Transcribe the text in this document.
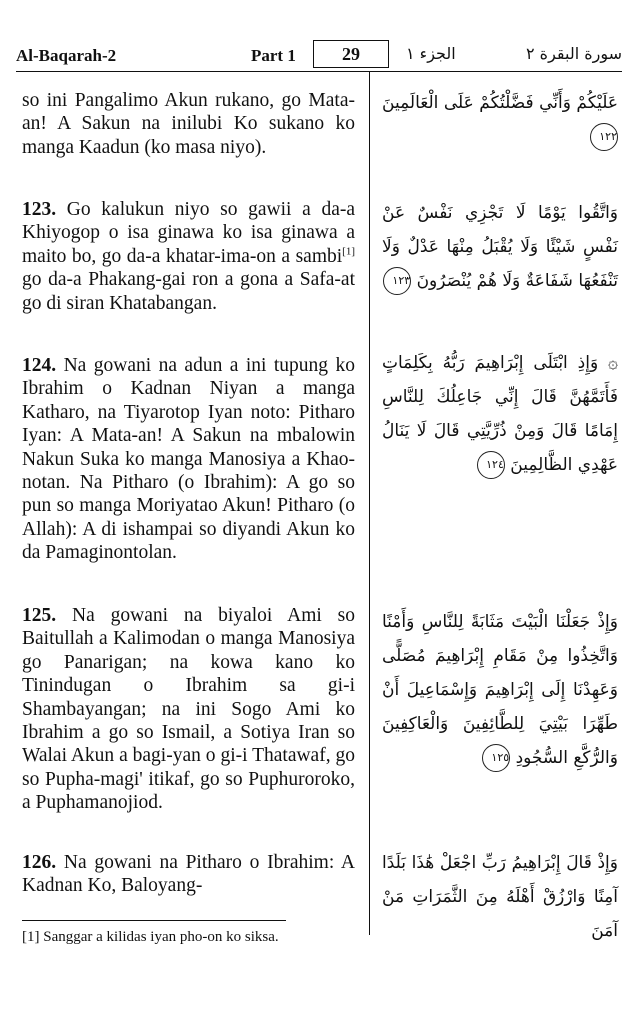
Al-Baqarah-2	Part 1	29	الجزء ١	سورة البقرة ٢
so ini Pangalimo Akun rukano, go Mata-an! A Sakun na inilubi Ko sukano ko manga Kaadun (ko masa niyo).
عَلَيْكُمْ وَأَنِّي فَضَّلْتُكُمْ عَلَى الْعَالَمِينَ ١٢٢
123. Go kalukun niyo so gawii a da-a Khiyogop o isa ginawa ko isa ginawa a maito bo, go da-a khatar-ima-on a sambi[1] go da-a Phakang-gai ron a gona a Safa-at go di siran Khatabangan.
وَاتَّقُوا يَوْمًا لَا تَجْزِي نَفْسٌ عَنْ نَفْسٍ شَيْئًا وَلَا يُقْبَلُ مِنْهَا عَدْلٌ وَلَا تَنْفَعُهَا شَفَاعَةٌ وَلَا هُمْ يُنْصَرُونَ ١٢٣
124. Na gowani na adun a ini tupung ko Ibrahim o Kadnan Niyan a manga Katharo, na Tiyarotop Iyan noto: Pitharo Iyan: A Mata-an! A Sakun na mbalowin Nakun Suka ko manga Manosiya a Khao-notan. Na Pitharo (o Ibrahim): A go so pun so manga Moriyatao Akun! Pitharo (o Allah): A di ishampai so diyandi Akun ko da Pamaginontolan.
۞ وَإِذِ ابْتَلَى إِبْرَاهِيمَ رَبُّهُ بِكَلِمَاتٍ فَأَتَمَّهُنَّ قَالَ إِنِّي جَاعِلُكَ لِلنَّاسِ إِمَامًا قَالَ وَمِنْ ذُرِّيَّتِي قَالَ لَا يَنَالُ عَهْدِي الظَّالِمِينَ ١٢٤
125. Na gowani na biyaloi Ami so Baitullah a Kalimodan o manga Manosiya go Panarigan; na kowa kano ko Tinindugan o Ibrahim sa gi-i Shambayangan; na ini Sogo Ami ko Ibrahim a go so Ismail, a Sotiya Iran so Walai Akun a bagi-yan o gi-i Thatawaf, go so Pupha-magi' itikaf, go so Puphuroroko, a Puphamanojiod.
وَإِذْ جَعَلْنَا الْبَيْتَ مَثَابَةً لِلنَّاسِ وَأَمْنًا وَاتَّخِذُوا مِنْ مَقَامِ إِبْرَاهِيمَ مُصَلًّى وَعَهِدْنَا إِلَى إِبْرَاهِيمَ وَإِسْمَاعِيلَ أَنْ طَهِّرَا بَيْتِيَ لِلطَّائِفِينَ وَالْعَاكِفِينَ وَالرُّكَّعِ السُّجُودِ ١٢٥
126. Na gowani na Pitharo o Ibrahim: A Kadnan Ko, Baloyang-
وَإِذْ قَالَ إِبْرَاهِيمُ رَبِّ اجْعَلْ هَٰذَا بَلَدًا آمِنًا وَارْزُقْ أَهْلَهُ مِنَ الثَّمَرَاتِ مَنْ آمَنَ
[1] Sanggar a kilidas iyan pho-on ko siksa.
